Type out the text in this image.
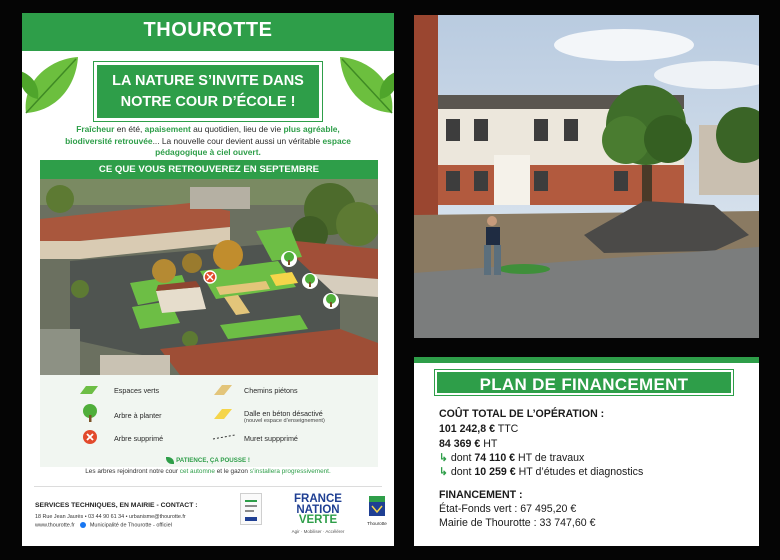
THOUROTTE
LA NATURE S’INVITE DANS
NOTRE COUR D’ÉCOLE !
Fraîcheur en été, apaisement au quotidien, lieu de vie plus agréable,
biodiversité retrouvée... La nouvelle cour devient aussi un véritable espace
pédagogique à ciel ouvert.
CE QUE VOUS RETROUVEREZ EN SEPTEMBRE
Espaces verts
Arbre à planter
Arbre supprimé
Chemins piétons
Dalle en béton désactivé
(nouvel espace d’enseignement)
Muret suppprimé
PATIENCE, ÇA POUSSE !
Les arbres rejoindront notre cour cet automne et le gazon s’installera progressivement.
SERVICES TECHNIQUES, EN MAIRIE - CONTACT :
18 Rue Jean Jaurès • 03 44 90 61 34 • urbanisme@thourotte.fr
www.thourotte.fr	Municipalité de Thourotte - officiel
FRANCE
NATION
VERTE
Agir · Mobiliser · Accélérer
Thourotte
PLAN DE FINANCEMENT
COÛT TOTAL DE L’OPÉRATION :
101 242,8 € TTC
84 369 € HT
↳ dont 74 110 € HT de travaux
↳ dont 10 259 € HT d’études et diagnostics
FINANCEMENT :
État-Fonds vert : 67 495,20 €
Mairie de Thourotte : 33 747,60 €
